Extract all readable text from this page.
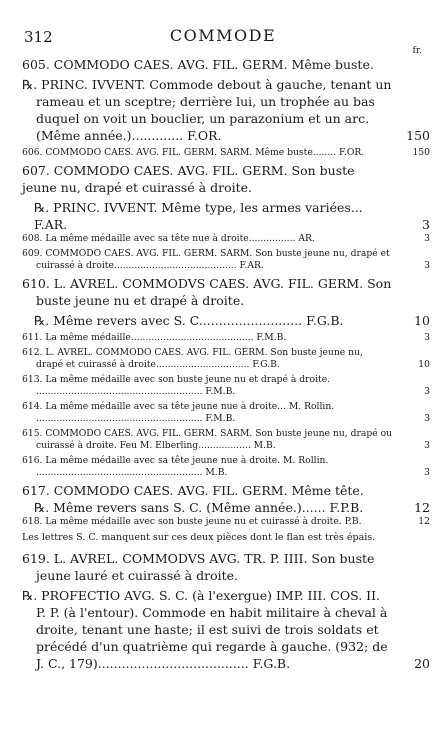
312	COMMODE
fr.
605. COMMODO CAES. AVG. FIL. GERM. Même buste.
℞. PRINC. IVVENT. Commode debout à gauche, tenant un rameau et un sceptre; derrière lui, un trophée au bas duquel on voit un bouclier, un parazonium et un arc. (Même année.)............. F.OR.	150
606. COMMODO CAES. AVG. FIL. GERM. SARM. Même buste........ F.OR.	150
607. COMMODO CAES. AVG. FIL. GERM. Son buste jeune nu, drapé et cuirassé à droite.
℞. PRINC. IVVENT. Même type, les armes variées... F.AR.	3
608. La même médaille avec sa tête nue à droite................ AR.	3
609. COMMODO CAES. AVG. FIL. GERM. SARM. Son buste jeune nu, drapé et cuirassé à droite.......................................... F.AR.	3
610. L. AVREL. COMMODVS CAES. AVG. FIL. GERM. Son buste jeune nu et drapé à droite.
℞. Même revers avec S. C.......................... F.G.B.	10
611. La même médaille.......................................... F.M.B.	3
612. L. AVREL. COMMODO CAES. AVG. FIL. GERM. Son buste jeune nu, drapé et cuirassé à droite................................ F.G.B.	10
613. La même médaille avec son buste jeune nu et drapé à droite. ......................................................... F.M.B.	3
614. La même médaille avec sa tête jeune nue à droite... M. Rollin. ......................................................... F.M.B.	3
615. COMMODO CAES. AVG. FIL. GERM. SARM. Son buste jeune nu, drapé ou cuirassé à droite. Feu M. Elberling.................. M.B.	3
616. La même médaille avec sa tête jeune nue à droite. M. Rollin. ......................................................... M.B.	3
617. COMMODO CAES. AVG. FIL. GERM. Même tête.
℞. Même revers sans S. C. (Même année.)...... F.P.B.	12
618. La même médaille avec son buste jeune nu et cuirassé à droite. P.B.	12
Les lettres S. C. manquent sur ces deux pièces dont le flan est très épais.
619. L. AVREL. COMMODVS AVG. TR. P. IIII. Son buste jeune lauré et cuirassé à droite.
℞. PROFECTIO AVG. S. C. (à l'exergue) IMP. III. COS. II. P. P. (à l'entour). Commode en habit militaire à cheval à droite, tenant une haste; il est suivi de trois soldats et précédé d'un quatrième qui regarde à gauche. (932; de J. C., 179)...................................... F.G.B.	20
